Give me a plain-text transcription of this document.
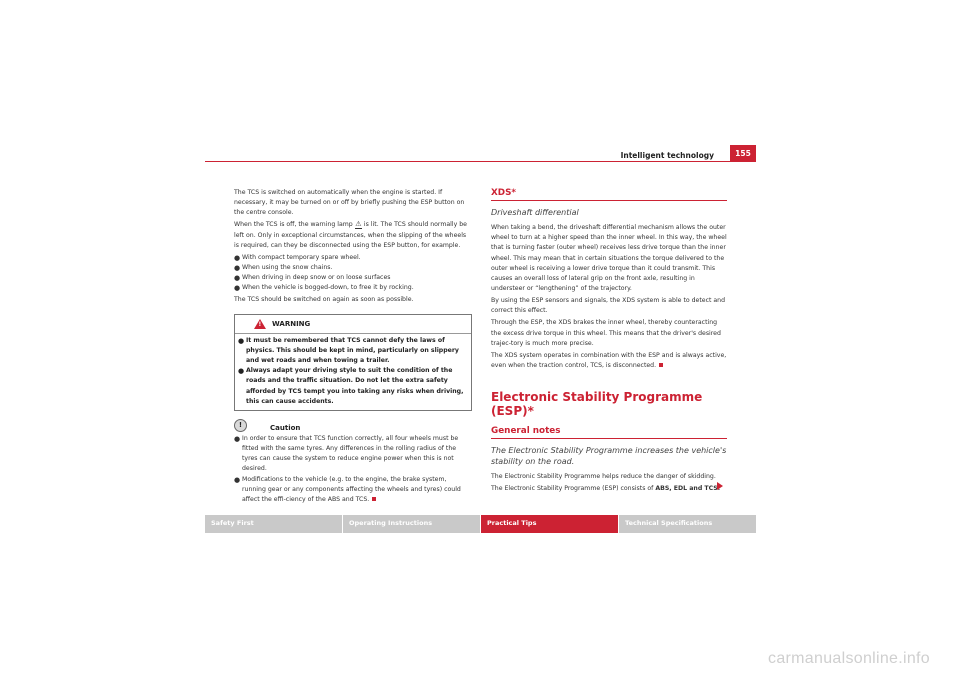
Intelligent technology	155

The TCS is switched on automatically when the engine is started. If necessary, it may be turned on or off by briefly pushing the ESP button on the centre console.

When the TCS is off, the warning lamp ⚠ is lit. The TCS should normally be left on. Only in exceptional circumstances, when the slipping of the wheels is required, can they be disconnected using the ESP button, for example.

● With compact temporary spare wheel.
● When using the snow chains.
● When driving in deep snow or on loose surfaces
● When the vehicle is bogged-down, to free it by rocking.

The TCS should be switched on again as soon as possible.

!
WARNING
● It must be remembered that TCS cannot defy the laws of physics. This should be kept in mind, particularly on slippery and wet roads and when towing a trailer.
● Always adapt your driving style to suit the condition of the roads and the traffic situation. Do not let the extra safety afforded by TCS tempt you into taking any risks when driving, this can cause accidents.
!	Caution
● In order to ensure that TCS function correctly, all four wheels must be fitted with the same tyres. Any differences in the rolling radius of the tyres can cause the system to reduce engine power when this is not desired.
● Modifications to the vehicle (e.g. to the engine, the brake system, running gear or any components affecting the wheels and tyres) could affect the effi-ciency of the ABS and TCS.
XDS*
Driveshaft differential

When taking a bend, the driveshaft differential mechanism allows the outer wheel to turn at a higher speed than the inner wheel. In this way, the wheel that is turning faster (outer wheel) receives less drive torque than the inner wheel. This may mean that in certain situations the torque delivered to the outer wheel is receiving a lower drive torque than it could transmit. This causes an overall loss of lateral grip on the front axle, resulting in understeer or “lengthening” of the trajectory.

By using the ESP sensors and signals, the XDS system is able to detect and correct this effect.

Through the ESP, the XDS brakes the inner wheel, thereby counteracting the excess drive torque in this wheel. This means that the driver's desired trajec-tory is much more precise.

The XDS system operates in combination with the ESP and is always active, even when the traction control, TCS, is disconnected.

Electronic Stability Programme (ESP)*
General notes
The Electronic Stability Programme increases the vehicle's stability on the road.

The Electronic Stability Programme helps reduce the danger of skidding.

The Electronic Stability Programme (ESP) consists of ABS, EDL and TCS.

Safety First	Operating Instructions	Practical Tips	Technical Specifications
carmanualsonline.info
